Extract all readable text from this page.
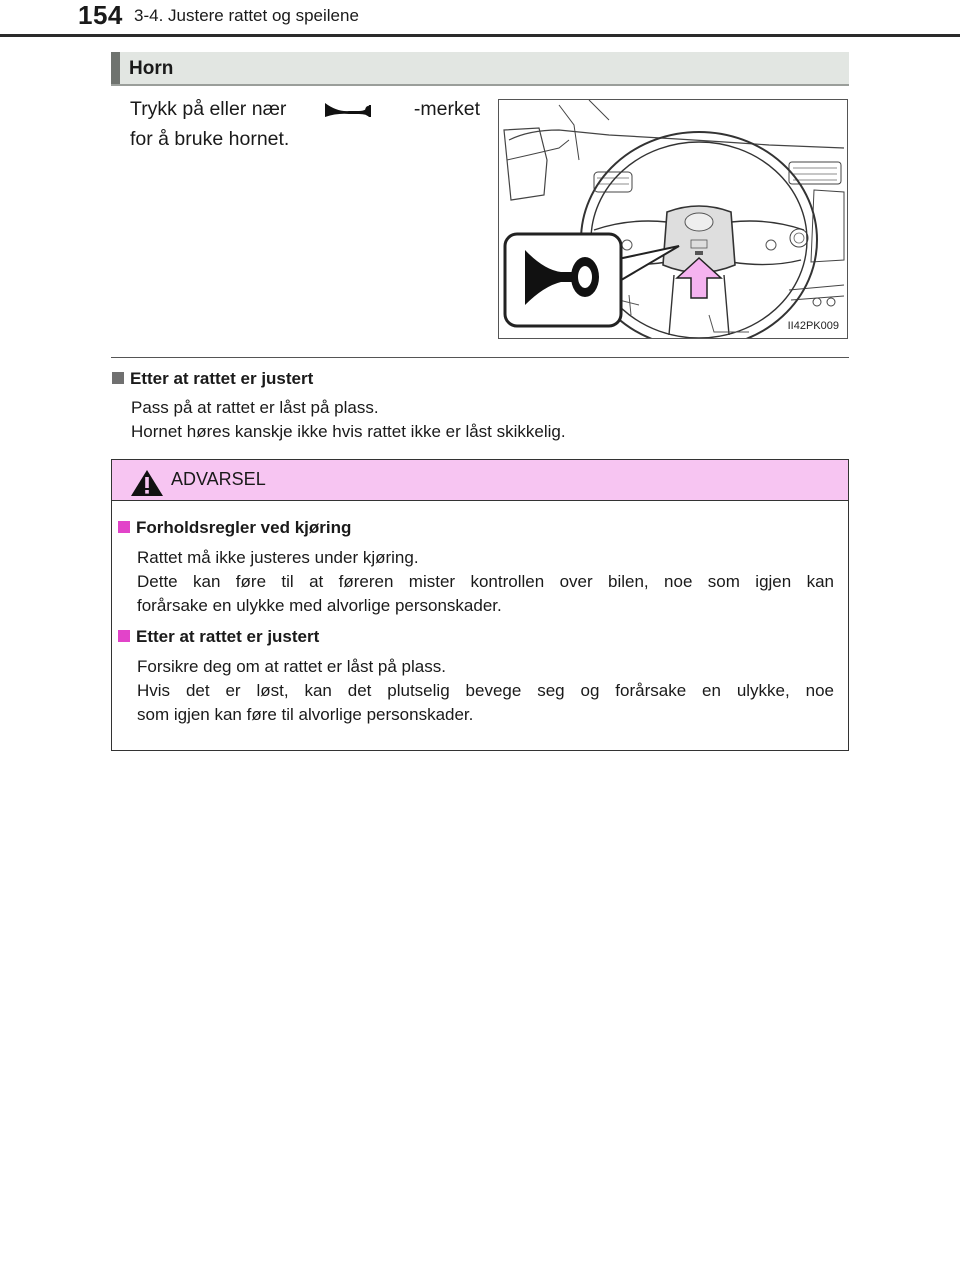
154 3-4. Justere rattet og speilene
Horn
Trykk på eller nær	-merket
for å bruke hornet.
II42PK009
Etter at rattet er justert
Pass på at rattet er låst på plass.
Hornet høres kanskje ikke hvis rattet ikke er låst skikkelig.
ADVARSEL
Forholdsregler ved kjøring
Rattet må ikke justeres under kjøring.
Dette kan føre til at føreren mister kontrollen over bilen, noe som igjen kan
forårsake en ulykke med alvorlige personskader.
Etter at rattet er justert
Forsikre deg om at rattet er låst på plass.
Hvis det er løst, kan det plutselig bevege seg og forårsake en ulykke, noe
som igjen kan føre til alvorlige personskader.
